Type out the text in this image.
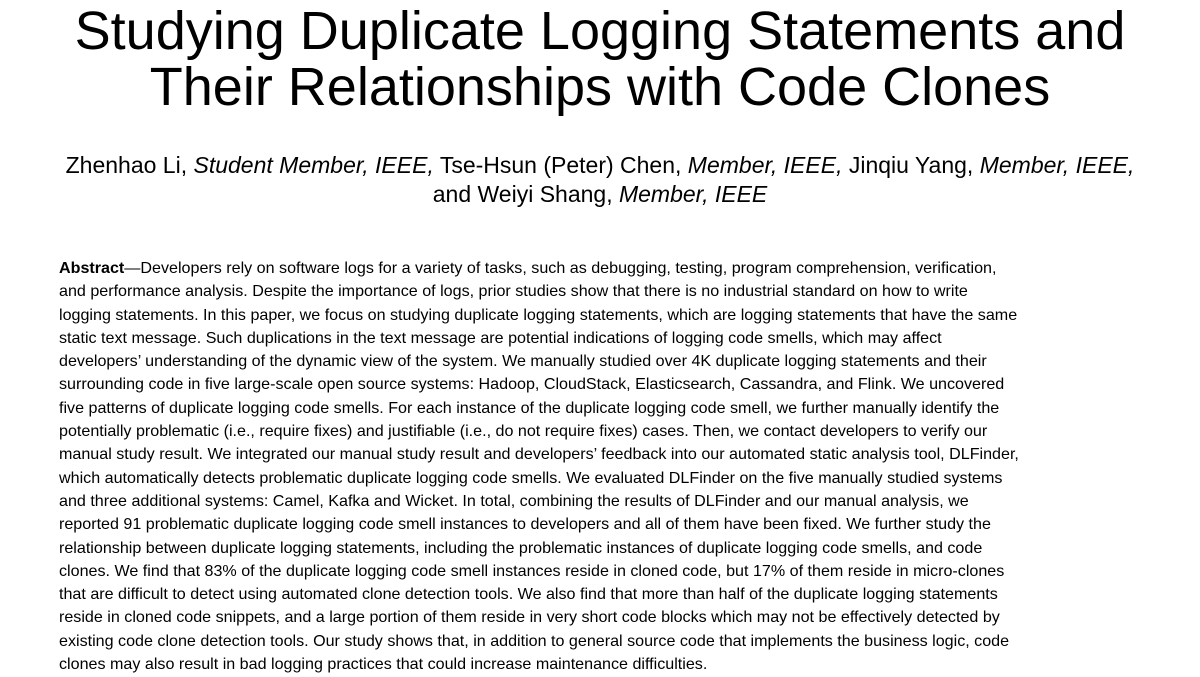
Studying Duplicate Logging Statements and
Their Relationships with Code Clones
Zhenhao Li, Student Member, IEEE, Tse-Hsun (Peter) Chen, Member, IEEE, Jinqiu Yang, Member, IEEE,
and Weiyi Shang, Member, IEEE
Abstract—Developers rely on software logs for a variety of tasks, such as debugging, testing, program comprehension, verification,
and performance analysis. Despite the importance of logs, prior studies show that there is no industrial standard on how to write
logging statements. In this paper, we focus on studying duplicate logging statements, which are logging statements that have the same
static text message. Such duplications in the text message are potential indications of logging code smells, which may affect
developers’ understanding of the dynamic view of the system. We manually studied over 4K duplicate logging statements and their
surrounding code in five large-scale open source systems: Hadoop, CloudStack, Elasticsearch, Cassandra, and Flink. We uncovered
five patterns of duplicate logging code smells. For each instance of the duplicate logging code smell, we further manually identify the
potentially problematic (i.e., require fixes) and justifiable (i.e., do not require fixes) cases. Then, we contact developers to verify our
manual study result. We integrated our manual study result and developers’ feedback into our automated static analysis tool, DLFinder,
which automatically detects problematic duplicate logging code smells. We evaluated DLFinder on the five manually studied systems
and three additional systems: Camel, Kafka and Wicket. In total, combining the results of DLFinder and our manual analysis, we
reported 91 problematic duplicate logging code smell instances to developers and all of them have been fixed. We further study the
relationship between duplicate logging statements, including the problematic instances of duplicate logging code smells, and code
clones. We find that 83% of the duplicate logging code smell instances reside in cloned code, but 17% of them reside in micro-clones
that are difficult to detect using automated clone detection tools. We also find that more than half of the duplicate logging statements
reside in cloned code snippets, and a large portion of them reside in very short code blocks which may not be effectively detected by
existing code clone detection tools. Our study shows that, in addition to general source code that implements the business logic, code
clones may also result in bad logging practices that could increase maintenance difficulties.
